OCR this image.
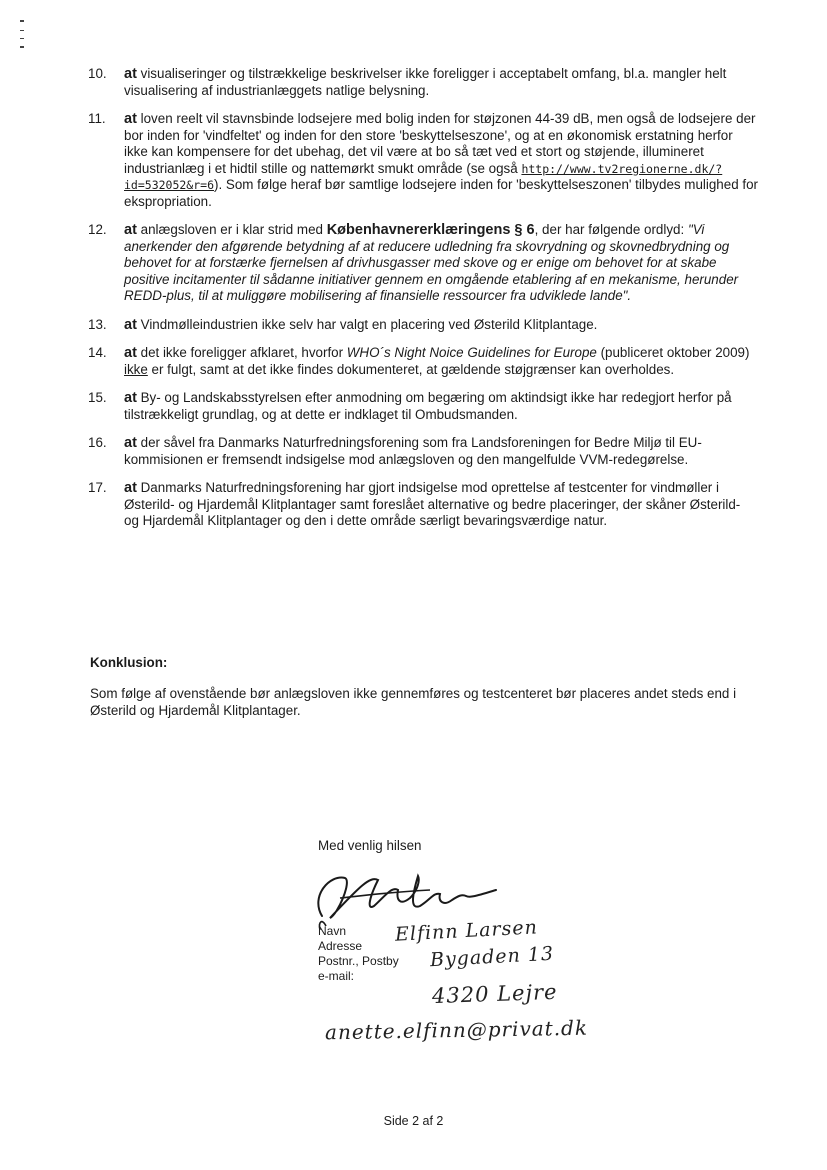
10. at visualiseringer og tilstrækkelige beskrivelser ikke foreligger i acceptabelt omfang, bl.a. mangler helt visualisering af industrianlæggets natlige belysning.
11. at loven reelt vil stavnsbinde lodsejere med bolig inden for støjzonen 44-39 dB, men også de lodsejere der bor inden for 'vindfeltet' og inden for den store 'beskyttelseszone', og at en økonomisk erstatning herfor ikke kan kompensere for det ubehag, det vil være at bo så tæt ved et stort og støjende, illumineret industrianlæg i et hidtil stille og nattemørkt smukt område (se også http://www.tv2regionerne.dk/?id=532052&r=6). Som følge heraf bør samtlige lodsejere inden for 'beskyttelseszonen' tilbydes mulighed for ekspropriation.
12. at anlægsloven er i klar strid med Københavnererklæringens § 6, der har følgende ordlyd: "Vi anerkender den afgørende betydning af at reducere udledning fra skovrydning og skovnedbrydning og behovet for at forstærke fjernelsen af drivhusgasser med skove og er enige om behovet for at skabe positive incitamenter til sådanne initiativer gennem en omgående etablering af en mekanisme, herunder REDD-plus, til at muliggøre mobilisering af finansielle ressourcer fra udviklede lande".
13. at Vindmølleindustrien ikke selv har valgt en placering ved Østerild Klitplantage.
14. at det ikke foreligger afklaret, hvorfor WHO´s Night Noice Guidelines for Europe (publiceret oktober 2009) ikke er fulgt, samt at det ikke findes dokumenteret, at gældende støjgrænser kan overholdes.
15. at By- og Landskabsstyrelsen efter anmodning om begæring om aktindsigt ikke har redegjort herfor på tilstrækkeligt grundlag, og at dette er indklaget til Ombudsmanden.
16. at der såvel fra Danmarks Naturfredningsforening som fra Landsforeningen for Bedre Miljø til EU-kommisionen er fremsendt indsigelse mod anlægsloven og den mangelfulde VVM-redegørelse.
17. at Danmarks Naturfredningsforening har gjort indsigelse mod oprettelse af testcenter for vindmøller i Østerild- og Hjardemål Klitplantager samt foreslået alternative og bedre placeringer, der skåner Østerild- og Hjardemål Klitplantager og den i dette område særligt bevaringsværdige natur.
Konklusion:
Som følge af ovenstående bør anlægsloven ikke gennemføres og testcenteret bør placeres andet steds end i Østerild og Hjardemål Klitplantager.
Med venlig hilsen
Navn
Adresse
Postnr., Postby
e-mail:
Elfinn Larsen
Bygaden 13
4320 Lejre
anette.elfinn@privat.dk
Side 2 af 2
